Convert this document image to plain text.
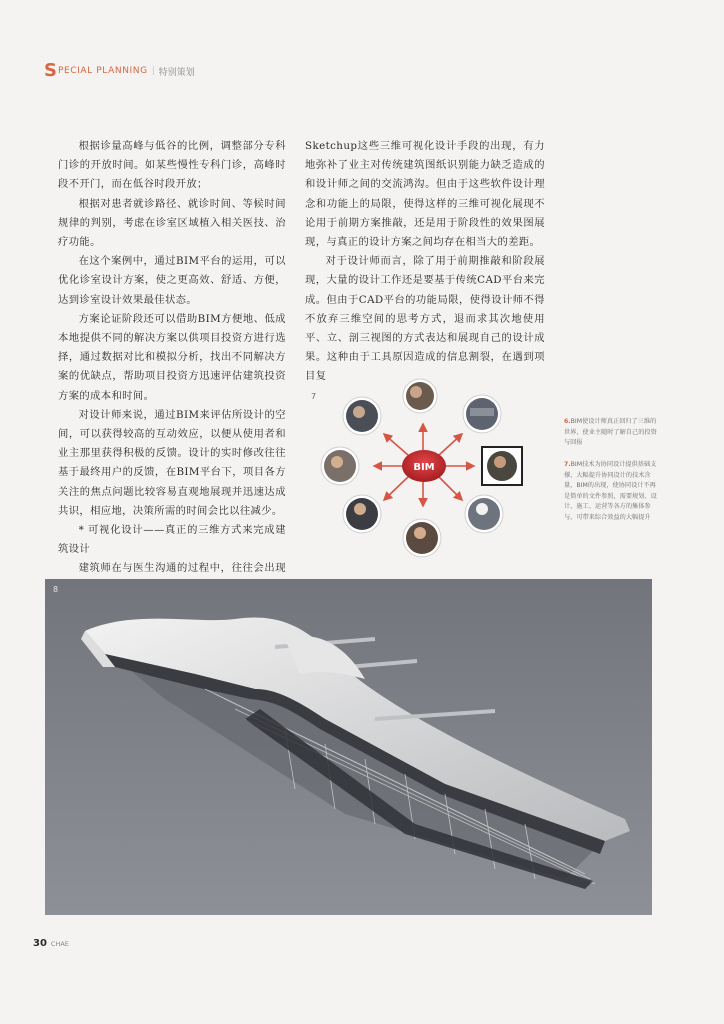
S PECIAL PLANNING | 特别策划

根据诊量高峰与低谷的比例，调整部分专科门诊的开放时间。如某些慢性专科门诊，高峰时段不开门，而在低谷时段开放；

根据对患者就诊路径、就诊时间、等候时间规律的判别，考虑在诊室区域植入相关医技、治疗功能。

在这个案例中，通过BIM平台的运用，可以优化诊室设计方案，使之更高效、舒适、方便，达到诊室设计效果最佳状态。

方案论证阶段还可以借助BIM方便地、低成本地提供不同的解决方案以供项目投资方进行选择，通过数据对比和模拟分析，找出不同解决方案的优缺点，帮助项目投资方迅速评估建筑投资方案的成本和时间。

对设计师来说，通过BIM来评估所设计的空间，可以获得较高的互动效应，以便从使用者和业主那里获得积极的反馈。设计的实时修改往往基于最终用户的反馈，在BIM平台下，项目各方关注的焦点问题比较容易直观地展现并迅速达成共识，相应地，决策所需的时间会比以往减少。

* 可视化设计——真正的三维方式来完成建筑设计

建筑师在与医生沟通的过程中，往往会出现

Sketchup这些三维可视化设计手段的出现，有力地弥补了业主对传统建筑图纸识别能力缺乏造成的和设计师之间的交流鸿沟。但由于这些软件设计理念和功能上的局限，使得这样的三维可视化展现不论用于前期方案推敲，还是用于阶段性的效果图展现，与真正的设计方案之间均存在相当大的差距。

对于设计师而言，除了用于前期推敲和阶段展现，大量的设计工作还是要基于传统CAD平台来完成。但由于CAD平台的功能局限，使得设计师不得不放弃三维空间的思考方式，退而求其次地使用平、立、剖三视图的方式表达和展现自己的设计成果。这种由于工具原因造成的信息割裂，在遇到项目复

7
BIM
6.BIM使设计师真正回归了三维的世界，使业主随时了解自己的投资与回报
7.BIM技术为协同设计提供基础支撑，大幅提升协同设计的技术含量，BIM的出现，使协同设计不再是简单的文件参照，需要规划、设计、施工、运营等各方的集体参与，可带来综合效益的大幅提升
8
30 CHAE
